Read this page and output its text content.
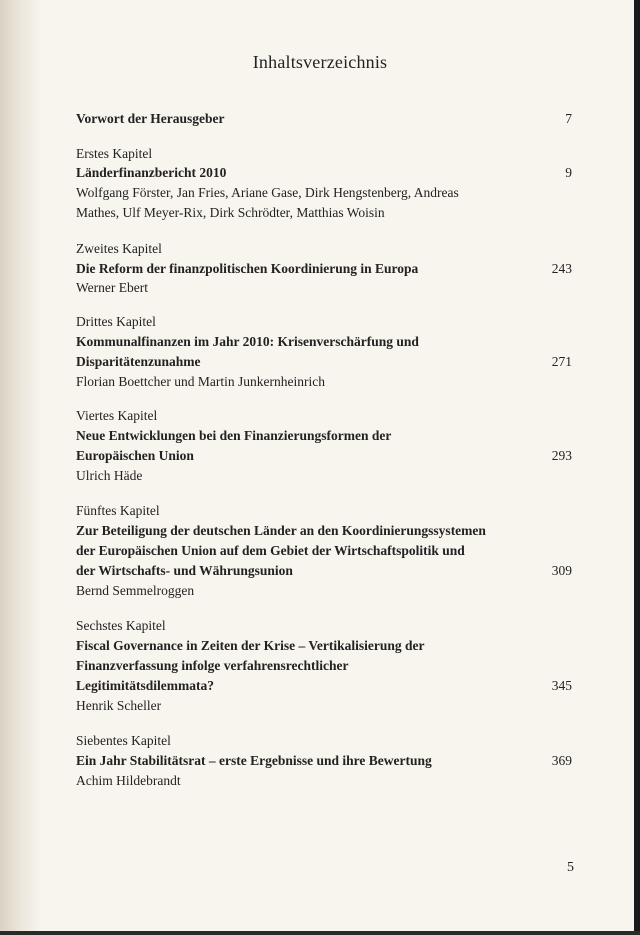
Inhaltsverzeichnis
Vorwort der Herausgeber	7
Erstes Kapitel
Länderfinanzbericht 2010	9
Wolfgang Förster, Jan Fries, Ariane Gase, Dirk Hengstenberg, Andreas
Mathes, Ulf Meyer-Rix, Dirk Schrödter, Matthias Woisin
Zweites Kapitel
Die Reform der finanzpolitischen Koordinierung in Europa	243
Werner Ebert
Drittes Kapitel
Kommunalfinanzen im Jahr 2010: Krisenverschärfung und
Disparitätenzunahme	271
Florian Boettcher und Martin Junkernheinrich
Viertes Kapitel
Neue Entwicklungen bei den Finanzierungsformen der
Europäischen Union	293
Ulrich Häde
Fünftes Kapitel
Zur Beteiligung der deutschen Länder an den Koordinierungssystemen
der Europäischen Union auf dem Gebiet der Wirtschaftspolitik und
der Wirtschafts- und Währungsunion	309
Bernd Semmelroggen
Sechstes Kapitel
Fiscal Governance in Zeiten der Krise – Vertikalisierung der
Finanzverfassung infolge verfahrensrechtlicher
Legitimitätsdilemmata?	345
Henrik Scheller
Siebentes Kapitel
Ein Jahr Stabilitätsrat – erste Ergebnisse und ihre Bewertung	369
Achim Hildebrandt
5
